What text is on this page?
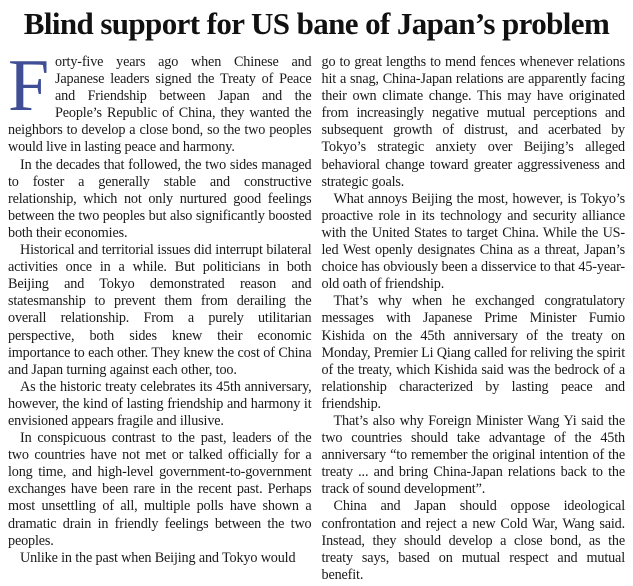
Blind support for US bane of Japan’s problem

Forty-five years ago when Chinese and Japanese leaders signed the Treaty of Peace and Friendship between Japan and the People’s Republic of China, they wanted the neighbors to develop a close bond, so the two peoples would live in lasting peace and harmony.

In the decades that followed, the two sides managed to foster a generally stable and constructive relationship, which not only nurtured good feelings between the two peoples but also significantly boosted both their economies.

Historical and territorial issues did interrupt bilateral activities once in a while. But politicians in both Beijing and Tokyo demonstrated reason and statesmanship to prevent them from derailing the overall relationship. From a purely utilitarian perspective, both sides knew their economic importance to each other. They knew the cost of China and Japan turning against each other, too.

As the historic treaty celebrates its 45th anniversary, however, the kind of lasting friendship and harmony it envisioned appears fragile and illusive.

In conspicuous contrast to the past, leaders of the two countries have not met or talked officially for a long time, and high-level government-to-government exchanges have been rare in the recent past. Perhaps most unsettling of all, multiple polls have shown a dramatic drain in friendly feelings between the two peoples.

Unlike in the past when Beijing and Tokyo would

go to great lengths to mend fences whenever relations hit a snag, China-Japan relations are apparently facing their own climate change. This may have originated from increasingly negative mutual perceptions and subsequent growth of distrust, and acerbated by Tokyo’s strategic anxiety over Beijing’s alleged behavioral change toward greater aggressiveness and strategic goals.

What annoys Beijing the most, however, is Tokyo’s proactive role in its technology and security alliance with the United States to target China. While the US-led West openly designates China as a threat, Japan’s choice has obviously been a disservice to that 45-year-old oath of friendship.

That’s why when he exchanged congratulatory messages with Japanese Prime Minister Fumio Kishida on the 45th anniversary of the treaty on Monday, Premier Li Qiang called for reliving the spirit of the treaty, which Kishida said was the bedrock of a relationship characterized by lasting peace and friendship.

That’s also why Foreign Minister Wang Yi said the two countries should take advantage of the 45th anniversary “to remember the original intention of the treaty ... and bring China-Japan relations back to the track of sound development”.

China and Japan should oppose ideological confrontation and reject a new Cold War, Wang said. Instead, they should develop a close bond, as the treaty says, based on mutual respect and mutual benefit.
